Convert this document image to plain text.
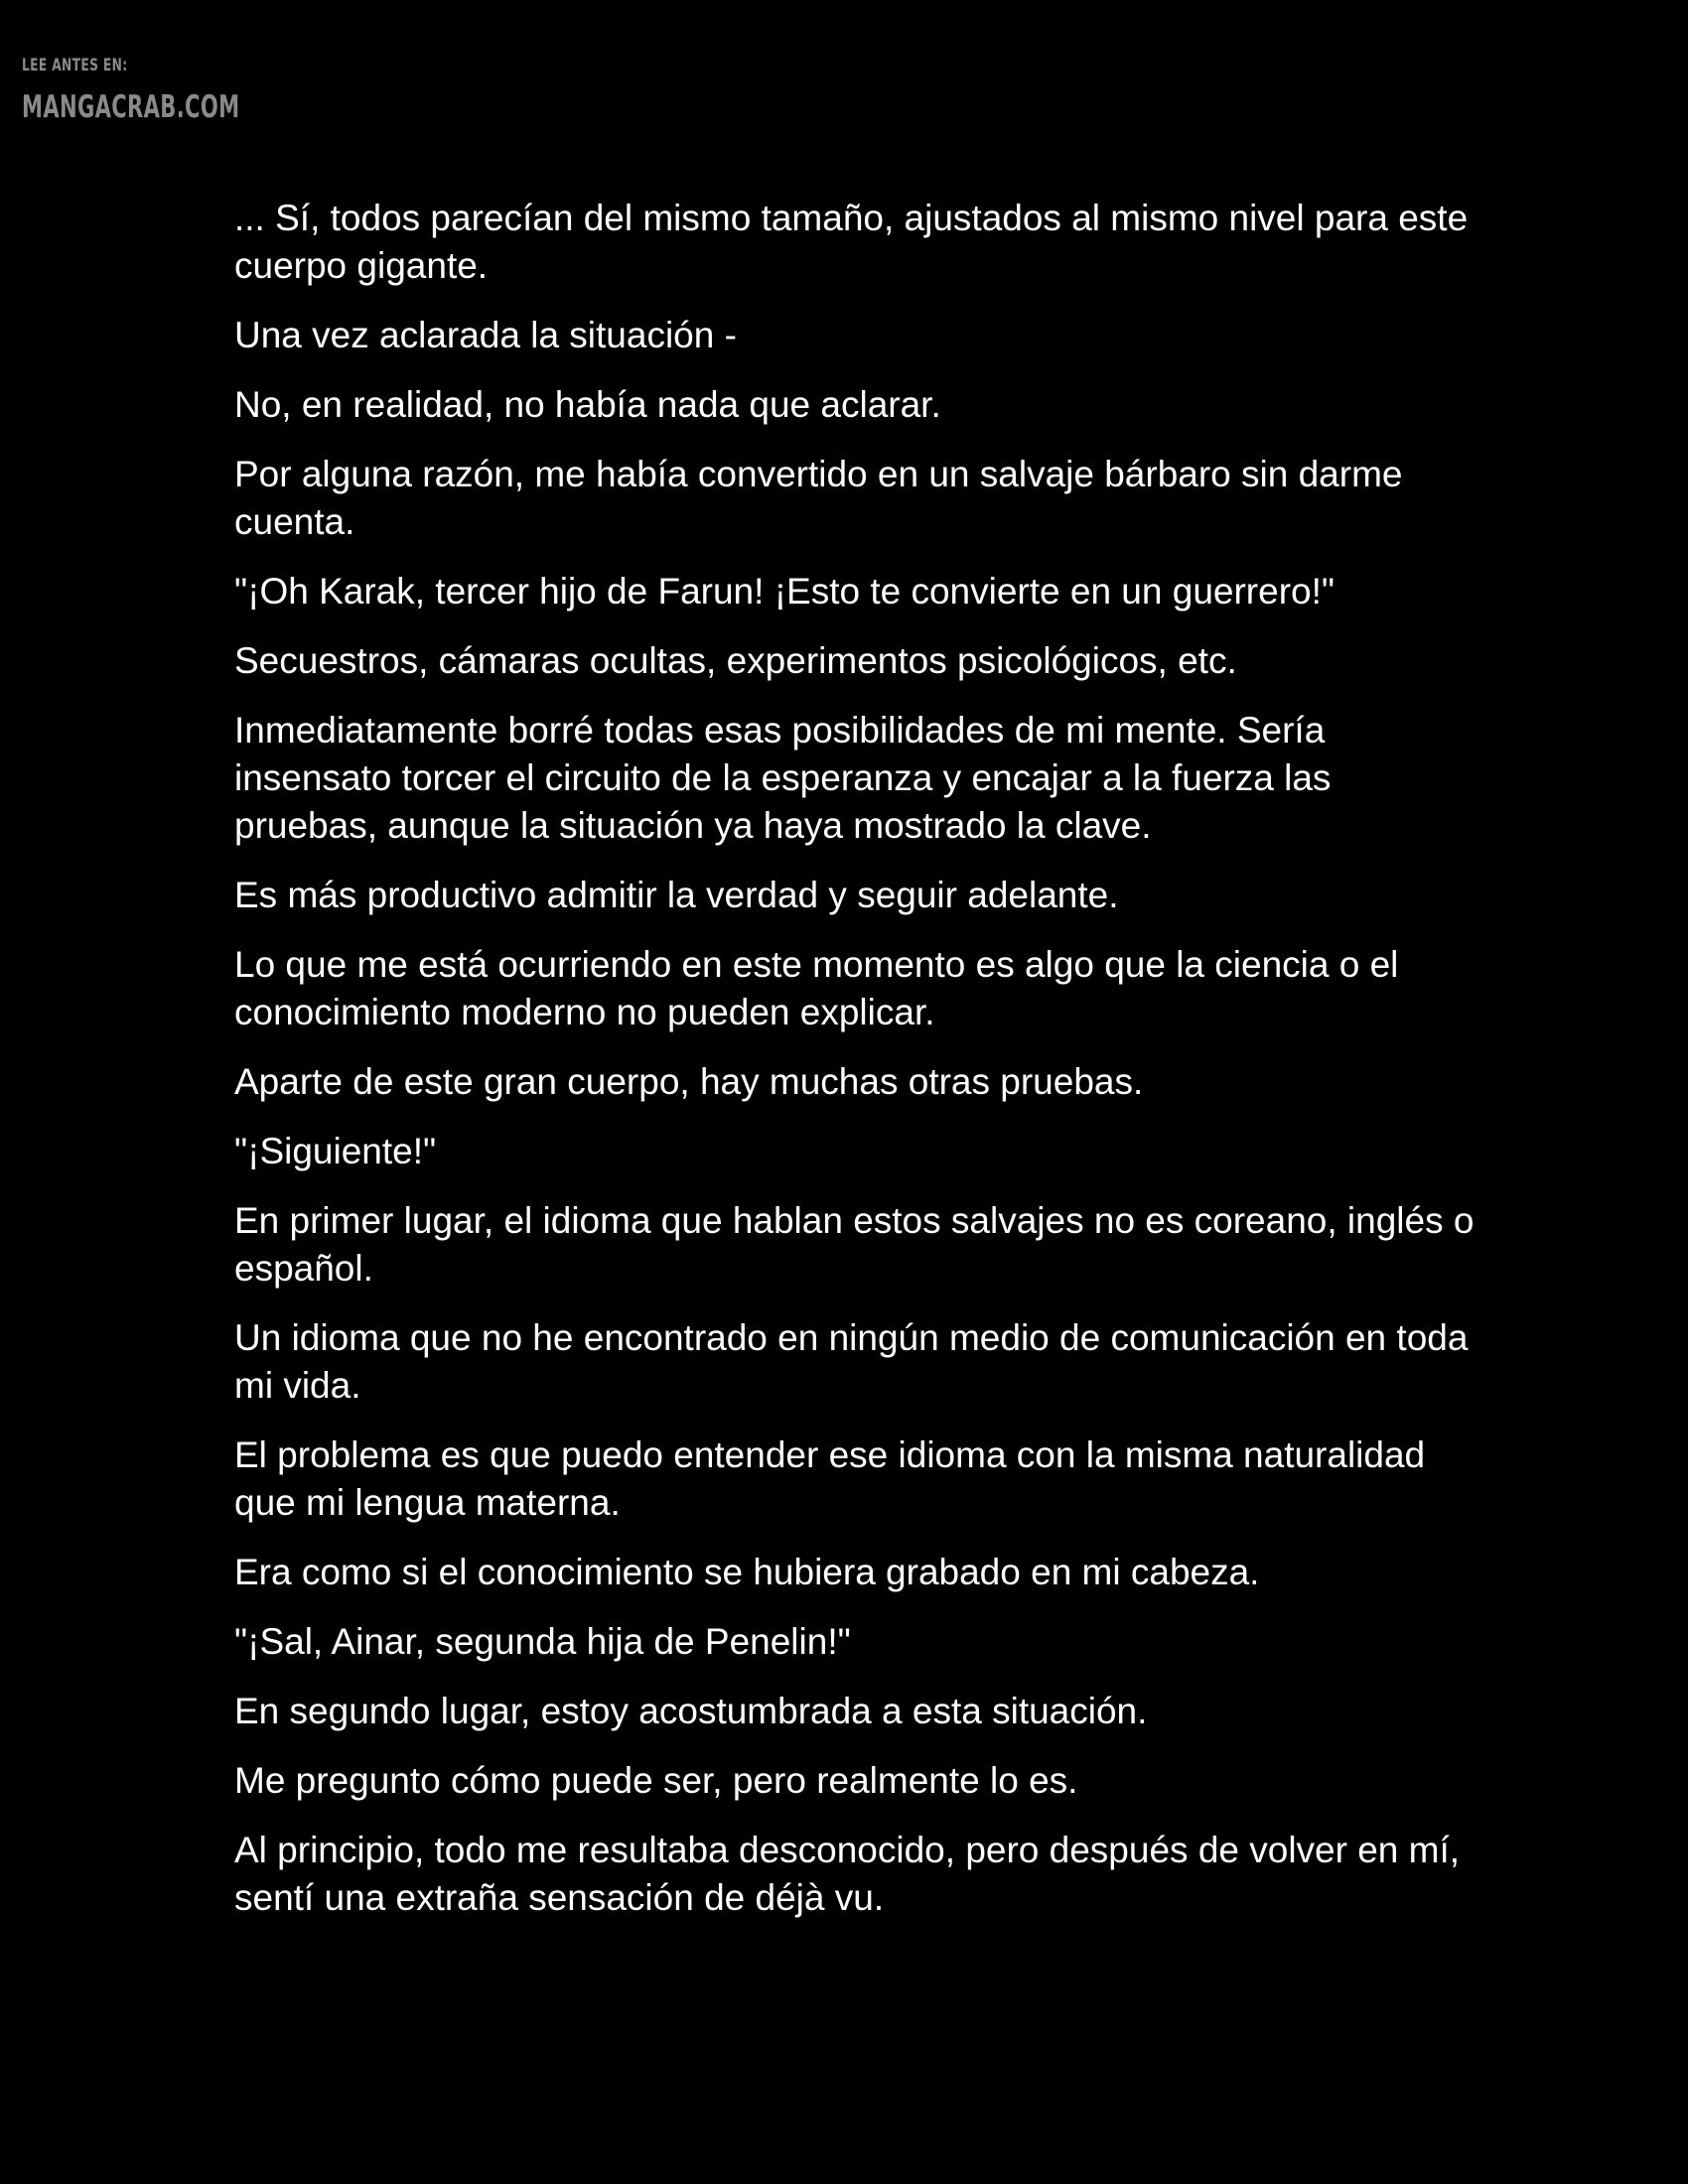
LEE ANTES EN:
MANGACRAB.COM

... Sí, todos parecían del mismo tamaño, ajustados al mismo nivel para este cuerpo gigante.

Una vez aclarada la situación -

No, en realidad, no había nada que aclarar.

Por alguna razón, me había convertido en un salvaje bárbaro sin darme cuenta.

"¡Oh Karak, tercer hijo de Farun! ¡Esto te convierte en un guerrero!"

Secuestros, cámaras ocultas, experimentos psicológicos, etc.

Inmediatamente borré todas esas posibilidades de mi mente. Sería insensato torcer el circuito de la esperanza y encajar a la fuerza las pruebas, aunque la situación ya haya mostrado la clave.

Es más productivo admitir la verdad y seguir adelante.

Lo que me está ocurriendo en este momento es algo que la ciencia o el conocimiento moderno no pueden explicar.

Aparte de este gran cuerpo, hay muchas otras pruebas.

"¡Siguiente!"

En primer lugar, el idioma que hablan estos salvajes no es coreano, inglés o español.

Un idioma que no he encontrado en ningún medio de comunicación en toda mi vida.

El problema es que puedo entender ese idioma con la misma naturalidad que mi lengua materna.

Era como si el conocimiento se hubiera grabado en mi cabeza.

"¡Sal, Ainar, segunda hija de Penelin!"

En segundo lugar, estoy acostumbrada a esta situación.

Me pregunto cómo puede ser, pero realmente lo es.

Al principio, todo me resultaba desconocido, pero después de volver en mí, sentí una extraña sensación de déjà vu.
